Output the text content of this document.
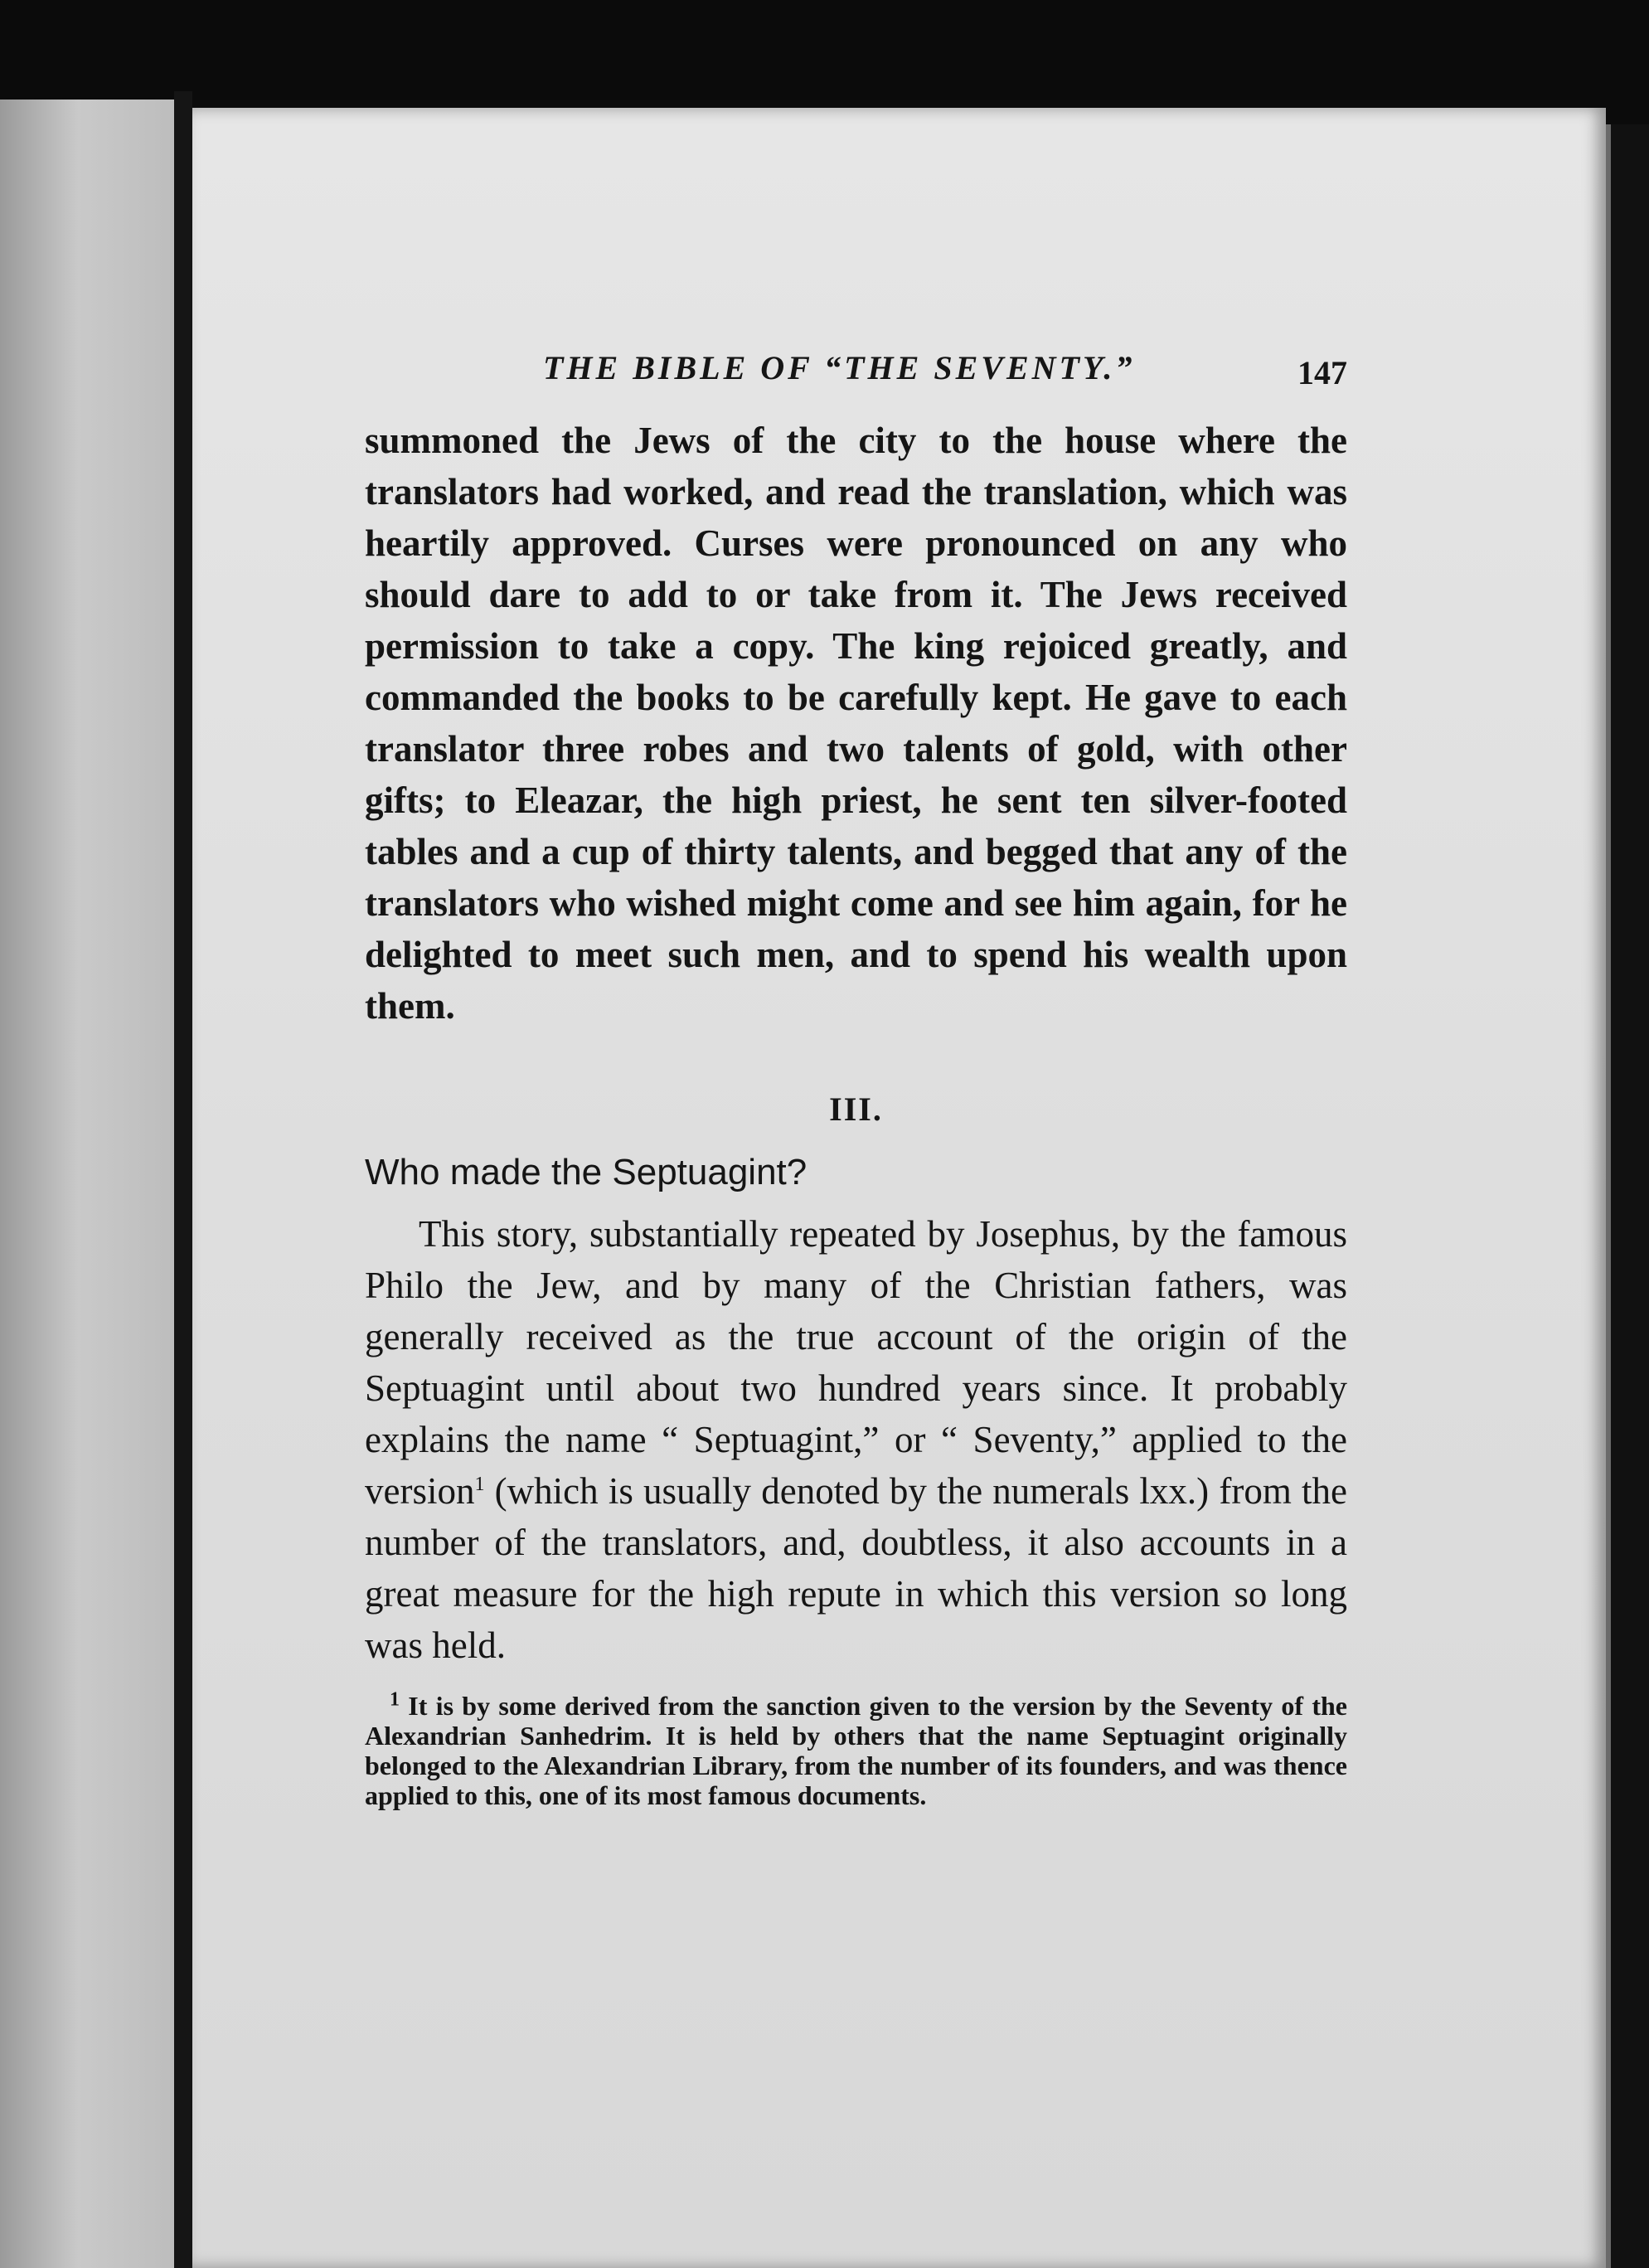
THE BIBLE OF “THE SEVENTY.”	147

summoned the Jews of the city to the house where the translators had worked, and read the translation, which was heartily approved. Curses were pronounced on any who should dare to add to or take from it. The Jews received permission to take a copy. The king rejoiced greatly, and commanded the books to be carefully kept. He gave to each translator three robes and two talents of gold, with other gifts; to Eleazar, the high priest, he sent ten silver-footed tables and a cup of thirty talents, and begged that any of the translators who wished might come and see him again, for he delighted to meet such men, and to spend his wealth upon them.

III.
Who made the Septuagint?

This story, substantially repeated by Josephus, by the famous Philo the Jew, and by many of the Christian fathers, was generally received as the true account of the origin of the Septuagint until about two hundred years since. It probably explains the name “ Septuagint,” or “ Seventy,” applied to the version$^1$ (which is usually denoted by the numerals lxx.) from the number of the translators, and, doubtless, it also accounts in a great measure for the high repute in which this version so long was held.

$^1$ It is by some derived from the sanction given to the version by the Seventy of the Alexandrian Sanhedrim. It is held by others that the name Septuagint originally belonged to the Alexandrian Library, from the number of its founders, and was thence applied to this, one of its most famous documents.
